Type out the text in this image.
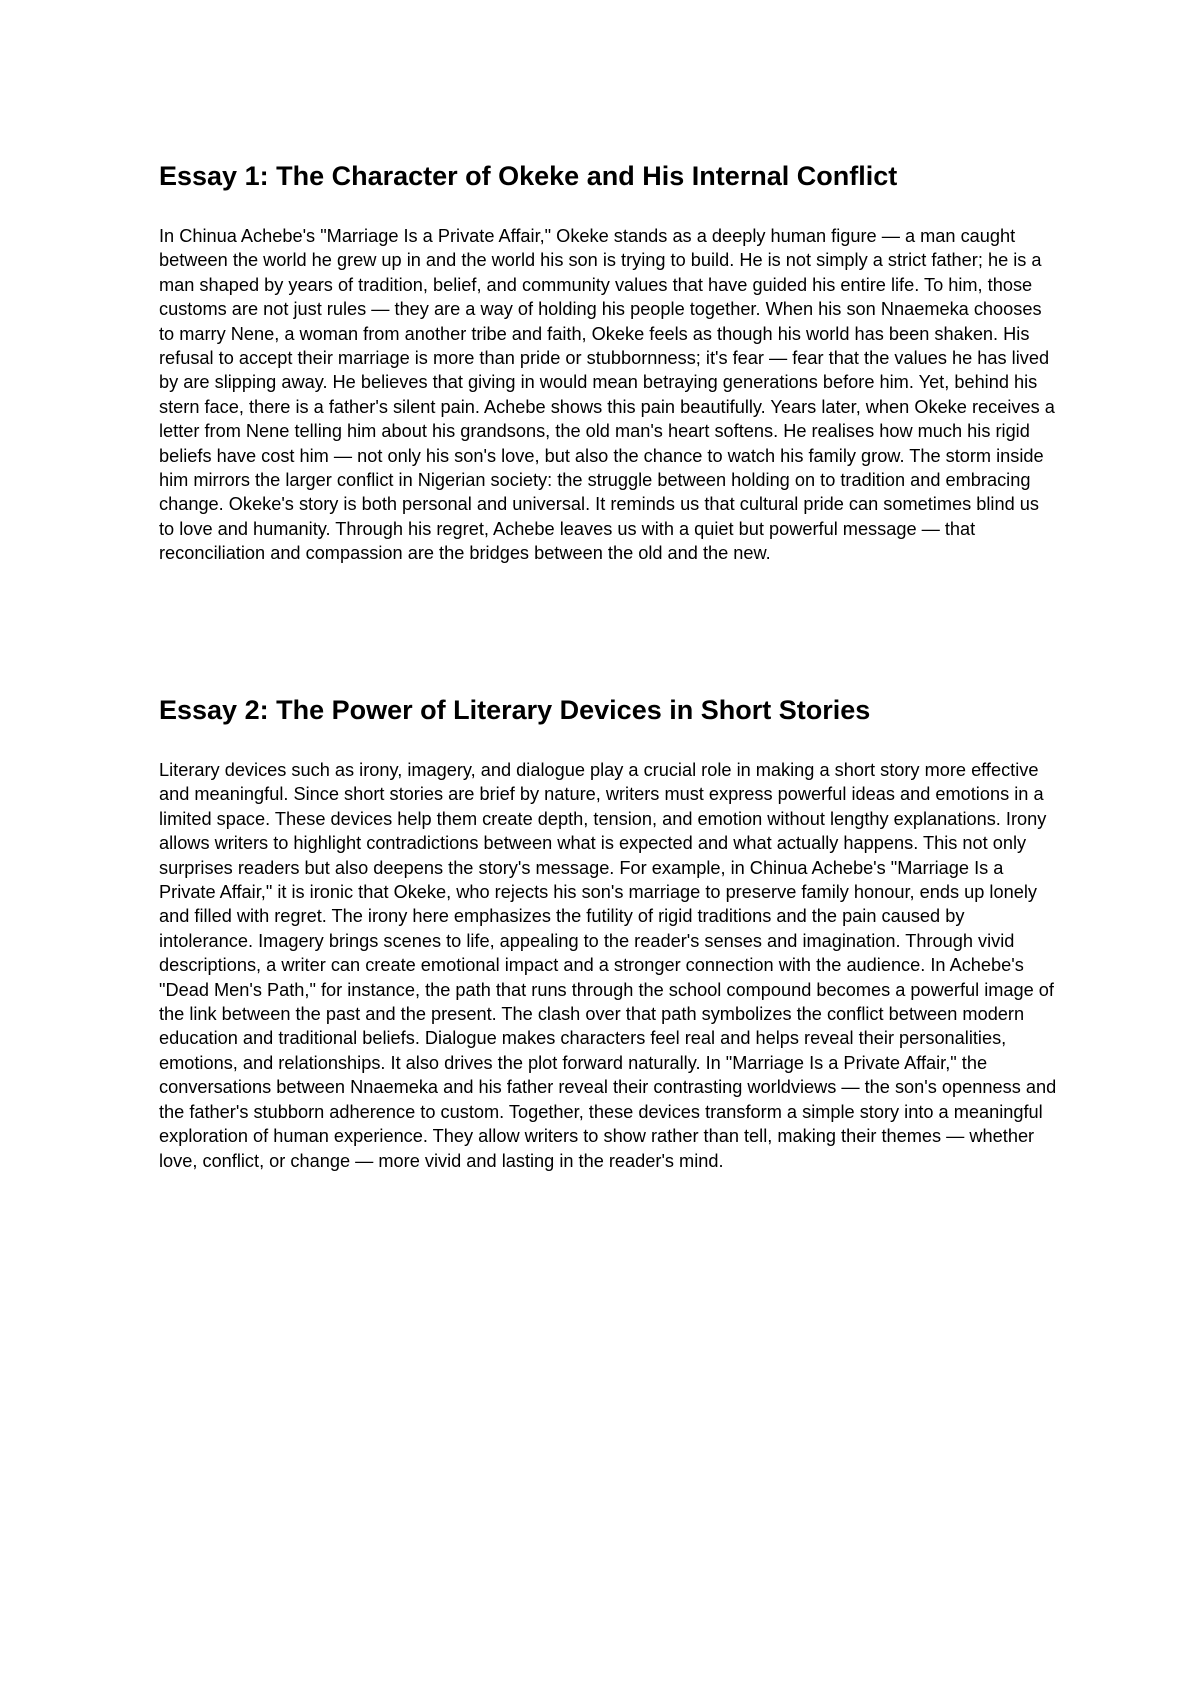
Essay 1: The Character of Okeke and His Internal Conflict

In Chinua Achebe's "Marriage Is a Private Affair," Okeke stands as a deeply human figure — a man caught between the world he grew up in and the world his son is trying to build. He is not simply a strict father; he is a man shaped by years of tradition, belief, and community values that have guided his entire life. To him, those customs are not just rules — they are a way of holding his people together. When his son Nnaemeka chooses to marry Nene, a woman from another tribe and faith, Okeke feels as though his world has been shaken. His refusal to accept their marriage is more than pride or stubbornness; it's fear — fear that the values he has lived by are slipping away. He believes that giving in would mean betraying generations before him. Yet, behind his stern face, there is a father's silent pain. Achebe shows this pain beautifully. Years later, when Okeke receives a letter from Nene telling him about his grandsons, the old man's heart softens. He realises how much his rigid beliefs have cost him — not only his son's love, but also the chance to watch his family grow. The storm inside him mirrors the larger conflict in Nigerian society: the struggle between holding on to tradition and embracing change. Okeke's story is both personal and universal. It reminds us that cultural pride can sometimes blind us to love and humanity. Through his regret, Achebe leaves us with a quiet but powerful message — that reconciliation and compassion are the bridges between the old and the new.

Essay 2: The Power of Literary Devices in Short Stories

Literary devices such as irony, imagery, and dialogue play a crucial role in making a short story more effective and meaningful. Since short stories are brief by nature, writers must express powerful ideas and emotions in a limited space. These devices help them create depth, tension, and emotion without lengthy explanations. Irony allows writers to highlight contradictions between what is expected and what actually happens. This not only surprises readers but also deepens the story's message. For example, in Chinua Achebe's "Marriage Is a Private Affair," it is ironic that Okeke, who rejects his son's marriage to preserve family honour, ends up lonely and filled with regret. The irony here emphasizes the futility of rigid traditions and the pain caused by intolerance. Imagery brings scenes to life, appealing to the reader's senses and imagination. Through vivid descriptions, a writer can create emotional impact and a stronger connection with the audience. In Achebe's "Dead Men's Path," for instance, the path that runs through the school compound becomes a powerful image of the link between the past and the present. The clash over that path symbolizes the conflict between modern education and traditional beliefs. Dialogue makes characters feel real and helps reveal their personalities, emotions, and relationships. It also drives the plot forward naturally. In "Marriage Is a Private Affair," the conversations between Nnaemeka and his father reveal their contrasting worldviews — the son's openness and the father's stubborn adherence to custom. Together, these devices transform a simple story into a meaningful exploration of human experience. They allow writers to show rather than tell, making their themes — whether love, conflict, or change — more vivid and lasting in the reader's mind.
